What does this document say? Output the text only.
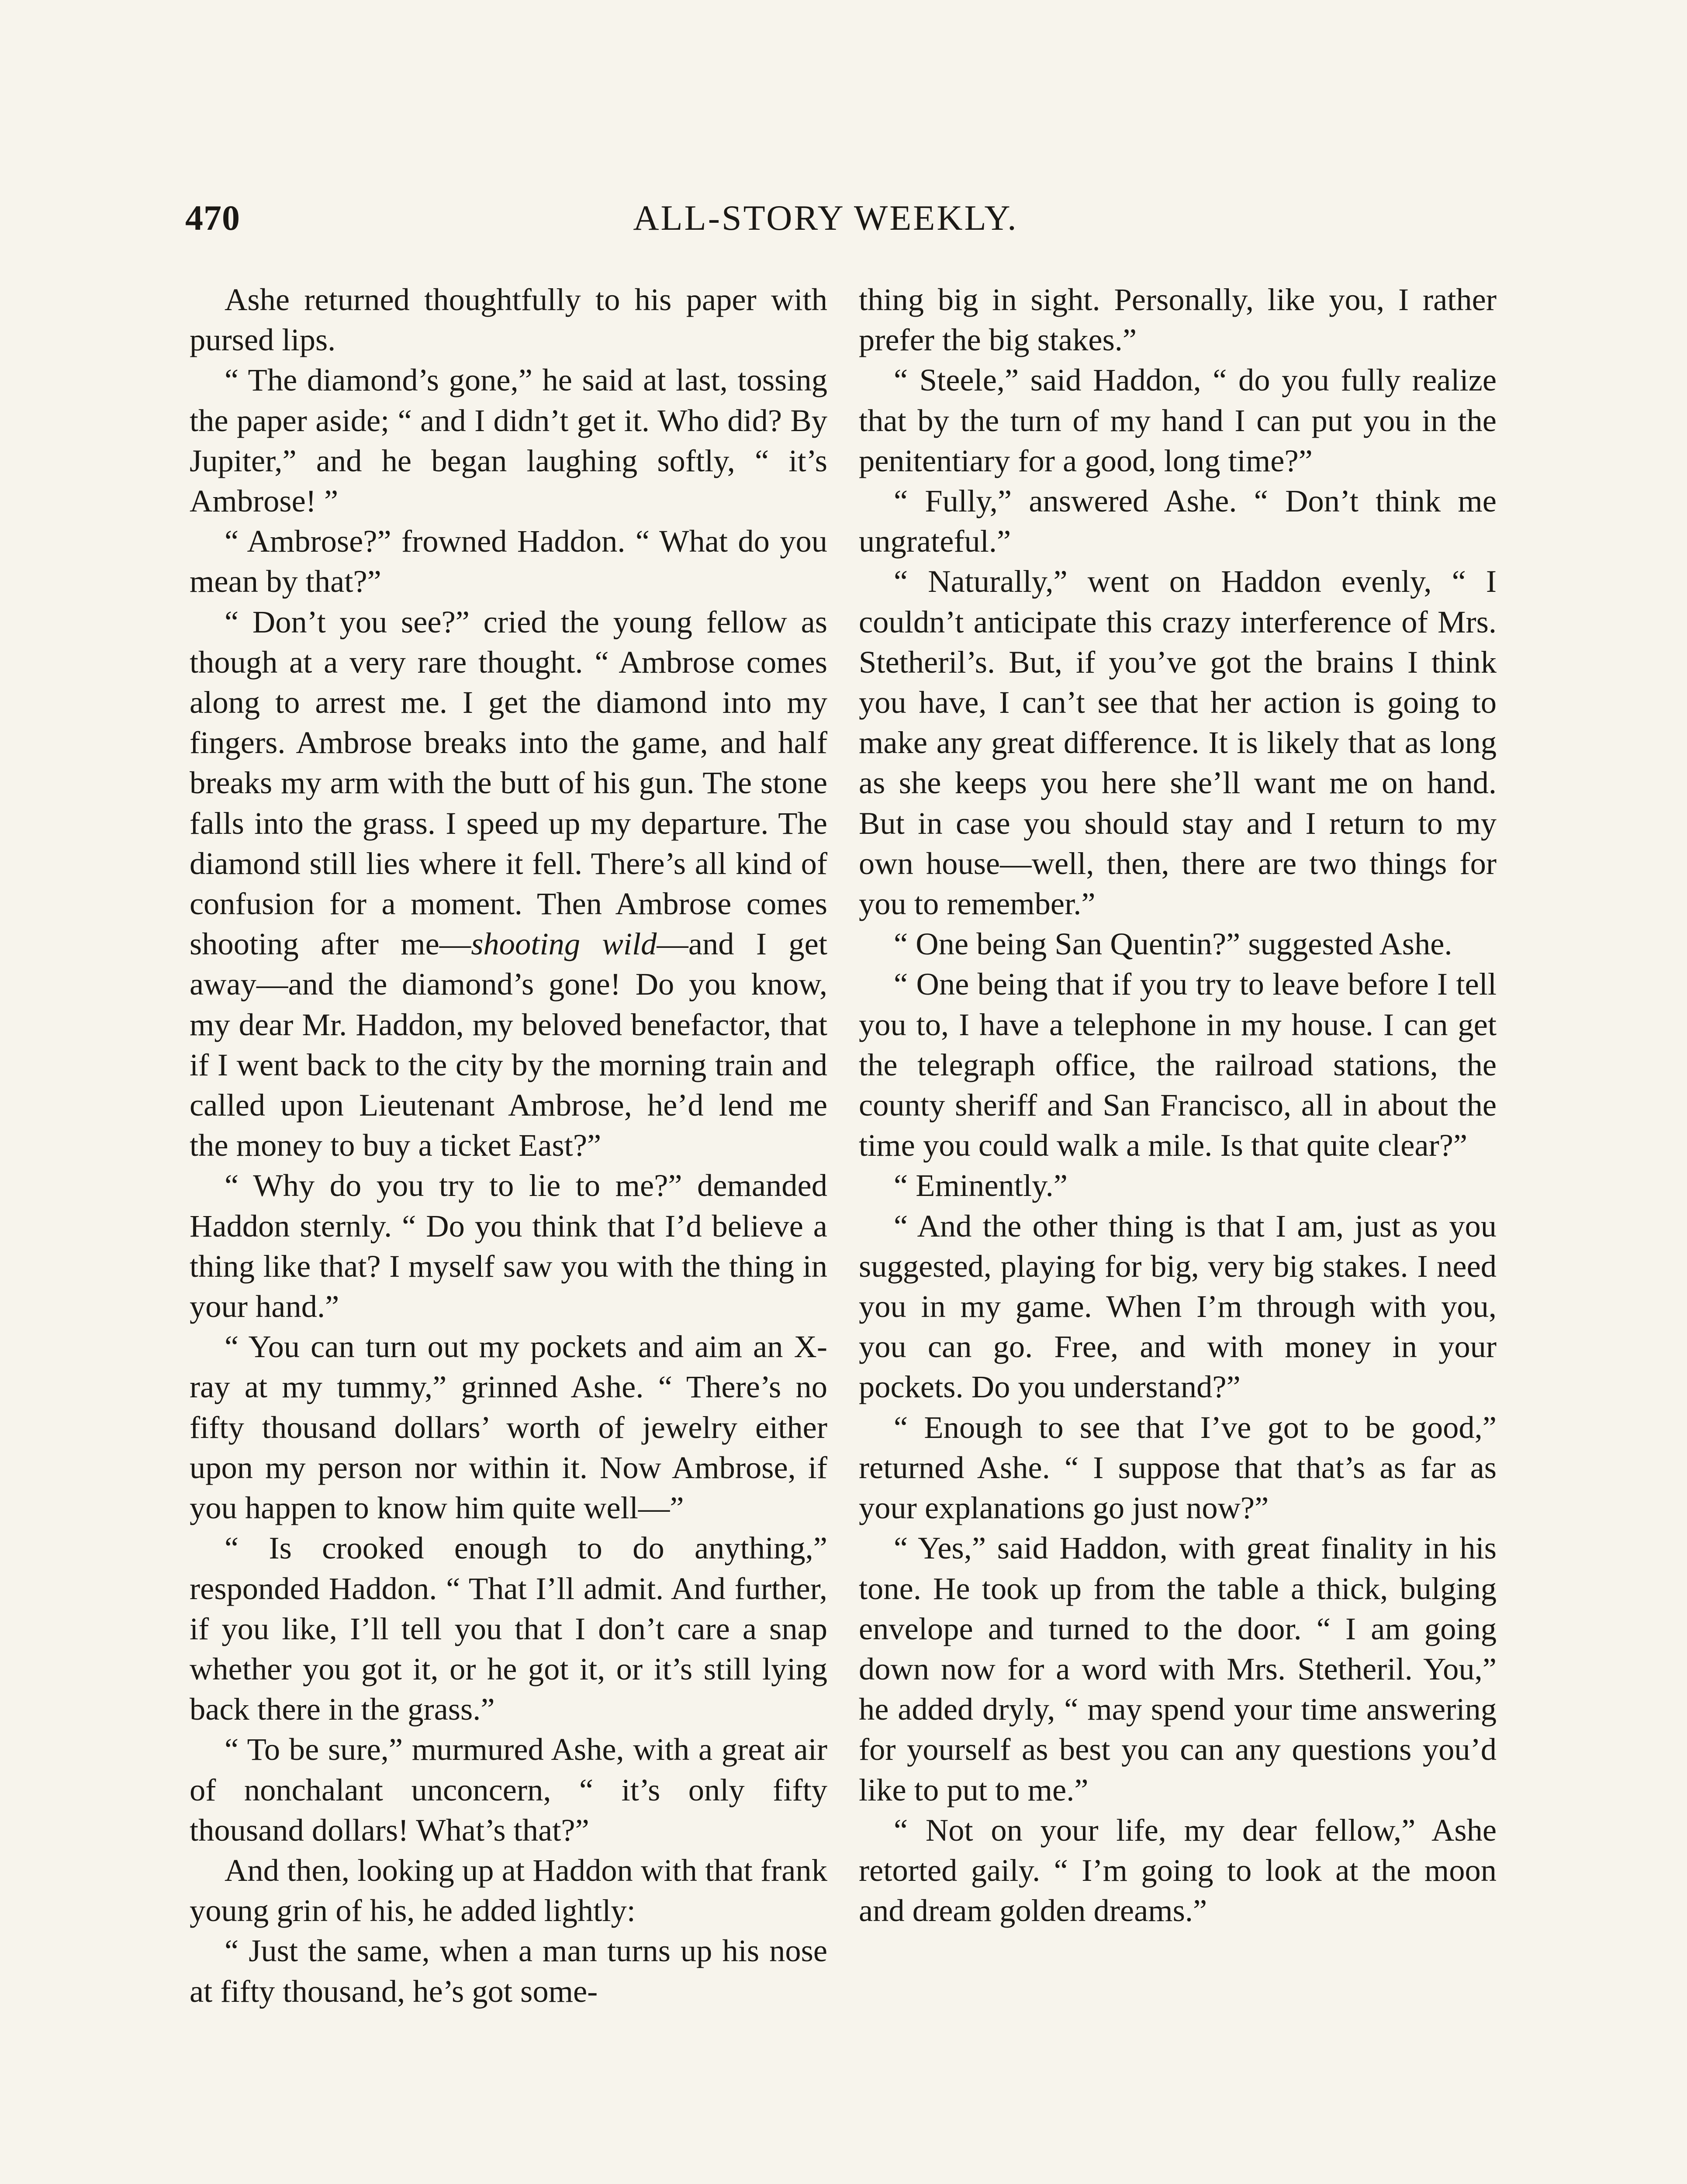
470	ALL-STORY WEEKLY.

Ashe returned thoughtfully to his paper with pursed lips.

“ The diamond’s gone,” he said at last, tossing the paper aside; “ and I didn’t get it. Who did? By Jupiter,” and he began laughing softly, “ it’s Ambrose! ”

“ Ambrose?” frowned Haddon. “ What do you mean by that?”

“ Don’t you see?” cried the young fellow as though at a very rare thought. “ Ambrose comes along to arrest me. I get the diamond into my fingers. Ambrose breaks into the game, and half breaks my arm with the butt of his gun. The stone falls into the grass. I speed up my departure. The diamond still lies where it fell. There’s all kind of confusion for a moment. Then Ambrose comes shooting after me—shooting wild—and I get away—and the diamond’s gone! Do you know, my dear Mr. Haddon, my beloved benefactor, that if I went back to the city by the morning train and called upon Lieutenant Ambrose, he’d lend me the money to buy a ticket East?”

“ Why do you try to lie to me?” demanded Haddon sternly. “ Do you think that I’d believe a thing like that? I myself saw you with the thing in your hand.”

“ You can turn out my pockets and aim an X-ray at my tummy,” grinned Ashe. “ There’s no fifty thousand dollars’ worth of jewelry either upon my person nor within it. Now Ambrose, if you happen to know him quite well—”

“ Is crooked enough to do anything,” responded Haddon. “ That I’ll admit. And further, if you like, I’ll tell you that I don’t care a snap whether you got it, or he got it, or it’s still lying back there in the grass.”

“ To be sure,” murmured Ashe, with a great air of nonchalant unconcern, “ it’s only fifty thousand dollars! What’s that?”

And then, looking up at Haddon with that frank young grin of his, he added lightly:

“ Just the same, when a man turns up his nose at fifty thousand, he’s got some-

thing big in sight. Personally, like you, I rather prefer the big stakes.”

“ Steele,” said Haddon, “ do you fully realize that by the turn of my hand I can put you in the penitentiary for a good, long time?”

“ Fully,” answered Ashe. “ Don’t think me ungrateful.”

“ Naturally,” went on Haddon evenly, “ I couldn’t anticipate this crazy interference of Mrs. Stetheril’s. But, if you’ve got the brains I think you have, I can’t see that her action is going to make any great difference. It is likely that as long as she keeps you here she’ll want me on hand. But in case you should stay and I return to my own house—well, then, there are two things for you to remember.”

“ One being San Quentin?” suggested Ashe.

“ One being that if you try to leave before I tell you to, I have a telephone in my house. I can get the telegraph office, the railroad stations, the county sheriff and San Francisco, all in about the time you could walk a mile. Is that quite clear?”

“ Eminently.”

“ And the other thing is that I am, just as you suggested, playing for big, very big stakes. I need you in my game. When I’m through with you, you can go. Free, and with money in your pockets. Do you understand?”

“ Enough to see that I’ve got to be good,” returned Ashe. “ I suppose that that’s as far as your explanations go just now?”

“ Yes,” said Haddon, with great finality in his tone. He took up from the table a thick, bulging envelope and turned to the door. “ I am going down now for a word with Mrs. Stetheril. You,” he added dryly, “ may spend your time answering for yourself as best you can any questions you’d like to put to me.”

“ Not on your life, my dear fellow,” Ashe retorted gaily. “ I’m going to look at the moon and dream golden dreams.”
